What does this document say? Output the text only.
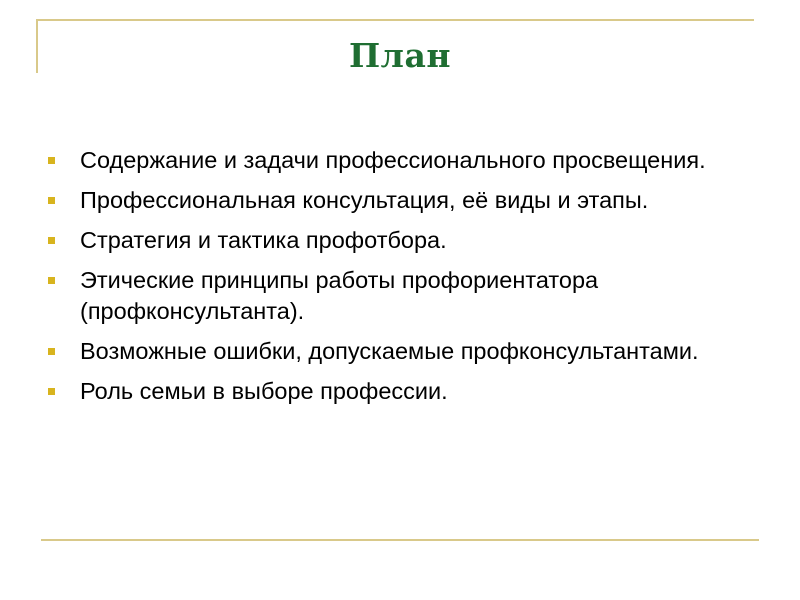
План
Содержание и задачи профессионального просвещения.
Профессиональная консультация, её виды и этапы.
Стратегия и тактика профотбора.
Этические принципы работы профориентатора (профконсультанта).
Возможные ошибки, допускаемые профконсультантами.
Роль семьи в выборе профессии.
